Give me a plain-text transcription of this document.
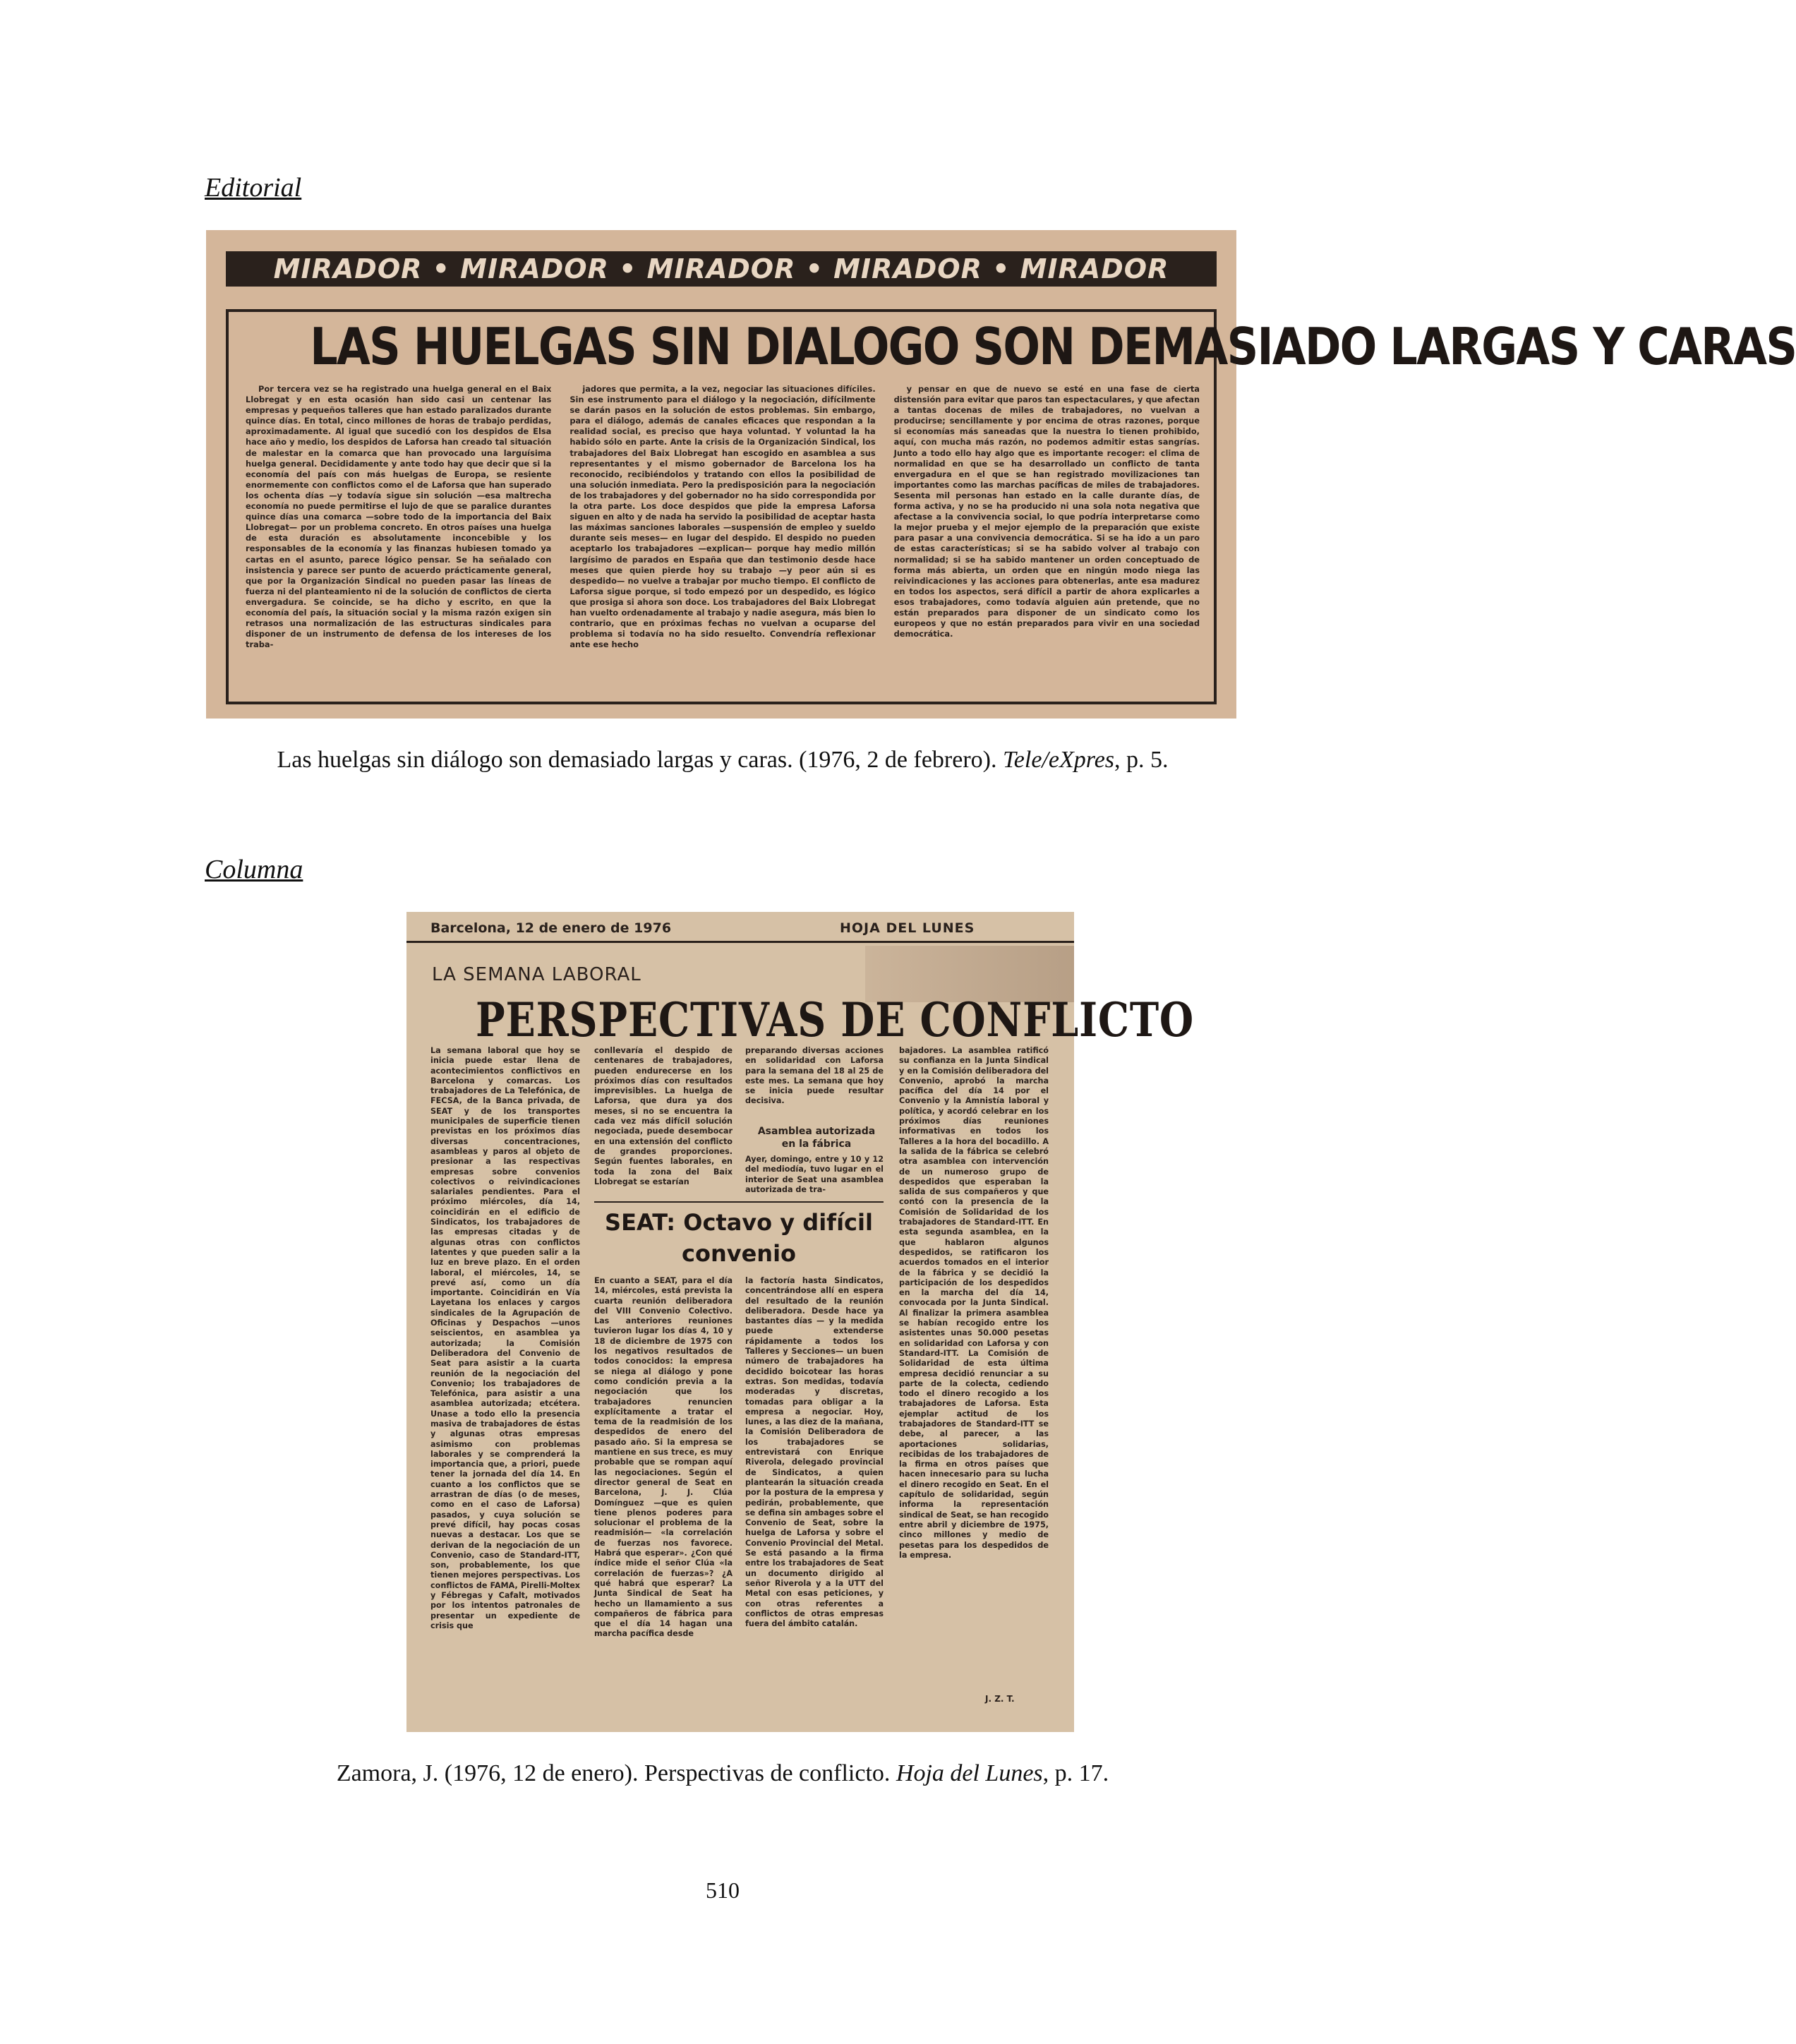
Editorial
MIRADOR • MIRADOR • MIRADOR • MIRADOR • MIRADOR
LAS HUELGAS SIN DIALOGO SON DEMASIADO LARGAS Y CARAS

Por tercera vez se ha registrado una huelga general en el Baix Llobregat y en esta ocasión han sido casi un centenar las empresas y pequeños talleres que han estado paralizados durante quince días. En total, cinco millones de horas de trabajo perdidas, aproximadamente. Al igual que sucedió con los despidos de Elsa hace año y medio, los despidos de Laforsa han creado tal situación de malestar en la comarca que han provocado una larguísima huelga general. Decididamente y ante todo hay que decir que si la economía del país con más huelgas de Europa, se resiente enormemente con conflictos como el de Laforsa que han superado los ochenta días —y todavía sigue sin solución —esa maltrecha economía no puede permitirse el lujo de que se paralice durantes quince días una comarca —sobre todo de la importancia del Baix Llobregat— por un problema concreto. En otros países una huelga de esta duración es absolutamente inconcebible y los responsables de la economía y las finanzas hubiesen tomado ya cartas en el asunto, parece lógico pensar. Se ha señalado con insistencia y parece ser punto de acuerdo prácticamente general, que por la Organización Sindical no pueden pasar las líneas de fuerza ni del planteamiento ni de la solución de conflictos de cierta envergadura. Se coincide, se ha dicho y escrito, en que la economía del país, la situación social y la misma razón exigen sin retrasos una normalización de las estructuras sindicales para disponer de un instrumento de defensa de los intereses de los traba-

jadores que permita, a la vez, negociar las situaciones difíciles. Sin ese instrumento para el diálogo y la negociación, difícilmente se darán pasos en la solución de estos problemas. Sin embargo, para el diálogo, además de canales eficaces que respondan a la realidad social, es preciso que haya voluntad. Y voluntad la ha habido sólo en parte. Ante la crisis de la Organización Sindical, los trabajadores del Baix Llobregat han escogido en asamblea a sus representantes y el mismo gobernador de Barcelona los ha reconocido, recibiéndolos y tratando con ellos la posibilidad de una solución inmediata. Pero la predisposición para la negociación de los trabajadores y del gobernador no ha sido correspondida por la otra parte. Los doce despidos que pide la empresa Laforsa siguen en alto y de nada ha servido la posibilidad de aceptar hasta las máximas sanciones laborales —suspensión de empleo y sueldo durante seis meses— en lugar del despido. El despido no pueden aceptarlo los trabajadores —explican— porque hay medio millón largísimo de parados en España que dan testimonio desde hace meses que quien pierde hoy su trabajo —y peor aún si es despedido— no vuelve a trabajar por mucho tiempo. El conflicto de Laforsa sigue porque, si todo empezó por un despedido, es lógico que prosiga si ahora son doce. Los trabajadores del Baix Llobregat han vuelto ordenadamente al trabajo y nadie asegura, más bien lo contrario, que en próximas fechas no vuelvan a ocuparse del problema si todavía no ha sido resuelto. Convendría reflexionar ante ese hecho

y pensar en que de nuevo se esté en una fase de cierta distensión para evitar que paros tan espectaculares, y que afectan a tantas docenas de miles de trabajadores, no vuelvan a producirse; sencillamente y por encima de otras razones, porque si economías más saneadas que la nuestra lo tienen prohibido, aquí, con mucha más razón, no podemos admitir estas sangrías. Junto a todo ello hay algo que es importante recoger: el clima de normalidad en que se ha desarrollado un conflicto de tanta envergadura en el que se han registrado movilizaciones tan importantes como las marchas pacíficas de miles de trabajadores. Sesenta mil personas han estado en la calle durante días, de forma activa, y no se ha producido ni una sola nota negativa que afectase a la convivencia social, lo que podría interpretarse como la mejor prueba y el mejor ejemplo de la preparación que existe para pasar a una convivencia democrática. Si se ha ido a un paro de estas características; si se ha sabido volver al trabajo con normalidad; si se ha sabido mantener un orden conceptuado de forma más abierta, un orden que en ningún modo niega las reivindicaciones y las acciones para obtenerlas, ante esa madurez en todos los aspectos, será difícil a partir de ahora explicarles a esos trabajadores, como todavía alguien aún pretende, que no están preparados para disponer de un sindicato como los europeos y que no están preparados para vivir en una sociedad democrática.

Las huelgas sin diálogo son demasiado largas y caras. (1976, 2 de febrero). Tele/eXpres, p. 5.

Columna
Barcelona, 12 de enero de 1976	HOJA DEL LUNES
LA SEMANA LABORAL
PERSPECTIVAS DE CONFLICTO

La semana laboral que hoy se inicia puede estar llena de acontecimientos conflictivos en Barcelona y comarcas. Los trabajadores de La Telefónica, de FECSA, de la Banca privada, de SEAT y de los transportes municipales de superficie tienen previstas en los próximos días diversas concentraciones, asambleas y paros al objeto de presionar a las respectivas empresas sobre convenios colectivos o reivindicaciones salariales pendientes. Para el próximo miércoles, día 14, coincidirán en el edificio de Sindicatos, los trabajadores de las empresas citadas y de algunas otras con conflictos latentes y que pueden salir a la luz en breve plazo. En el orden laboral, el miércoles, 14, se prevé así, como un día importante. Coincidirán en Vía Layetana los enlaces y cargos sindicales de la Agrupación de Oficinas y Despachos —unos seiscientos, en asamblea ya autorizada; la Comisión Deliberadora del Convenio de Seat para asistir a la cuarta reunión de la negociación del Convenio; los trabajadores de Telefónica, para asistir a una asamblea autorizada; etcétera. Unase a todo ello la presencia masiva de trabajadores de éstas y algunas otras empresas asimismo con problemas laborales y se comprenderá la importancia que, a priori, puede tener la jornada del día 14. En cuanto a los conflictos que se arrastran de días (o de meses, como en el caso de Laforsa) pasados, y cuya solución se prevé difícil, hay pocas cosas nuevas a destacar. Los que se derivan de la negociación de un Convenio, caso de Standard-ITT, son, probablemente, los que tienen mejores perspectivas. Los conflictos de FAMA, Pirelli-Moltex y Fébregas y Cafalt, motivados por los intentos patronales de presentar un expediente de crisis que

conllevaría el despido de centenares de trabajadores, pueden endurecerse en los próximos días con resultados imprevisibles. La huelga de Laforsa, que dura ya dos meses, si no se encuentra la cada vez más difícil solución negociada, puede desembocar en una extensión del conflicto de grandes proporciones. Según fuentes laborales, en toda la zona del Baix Llobregat se estarían

preparando diversas acciones en solidaridad con Laforsa para la semana del 18 al 25 de este mes. La semana que hoy se inicia puede resultar decisiva.

Asamblea autorizada en la fábrica

Ayer, domingo, entre y 10 y 12 del mediodía, tuvo lugar en el interior de Seat una asamblea autorizada de tra-

SEAT: Octavo y difícil convenio

En cuanto a SEAT, para el día 14, miércoles, está prevista la cuarta reunión deliberadora del VIII Convenio Colectivo. Las anteriores reuniones tuvieron lugar los días 4, 10 y 18 de diciembre de 1975 con los negativos resultados de todos conocidos: la empresa se niega al diálogo y pone como condición previa a la negociación que los trabajadores renuncien explícitamente a tratar el tema de la readmisión de los despedidos de enero del pasado año. Si la empresa se mantiene en sus trece, es muy probable que se rompan aquí las negociaciones. Según el director general de Seat en Barcelona, J. J. Clúa Domínguez —que es quien tiene plenos poderes para solucionar el problema de la readmisión— «la correlación de fuerzas nos favorece. Habrá que esperar». ¿Con qué índice mide el señor Clúa «la correlación de fuerzas»? ¿A qué habrá que esperar? La Junta Sindical de Seat ha hecho un llamamiento a sus compañeros de fábrica para que el día 14 hagan una marcha pacífica desde

la factoría hasta Sindicatos, concentrándose allí en espera del resultado de la reunión deliberadora. Desde hace ya bastantes días — y la medida puede extenderse rápidamente a todos los Talleres y Secciones— un buen número de trabajadores ha decidido boicotear las horas extras. Son medidas, todavía moderadas y discretas, tomadas para obligar a la empresa a negociar. Hoy, lunes, a las diez de la mañana, la Comisión Deliberadora de los trabajadores se entrevistará con Enrique Riverola, delegado provincial de Sindicatos, a quien plantearán la situación creada por la postura de la empresa y pedirán, probablemente, que se defina sin ambages sobre el Convenio de Seat, sobre la huelga de Laforsa y sobre el Convenio Provincial del Metal. Se está pasando a la firma entre los trabajadores de Seat un documento dirigido al señor Riverola y a la UTT del Metal con esas peticiones, y con otras referentes a conflictos de otras empresas fuera del ámbito catalán.

bajadores. La asamblea ratificó su confianza en la Junta Sindical y en la Comisión deliberadora del Convenio, aprobó la marcha pacífica del día 14 por el Convenio y la Amnistía laboral y política, y acordó celebrar en los próximos días reuniones informativas en todos los Talleres a la hora del bocadillo. A la salida de la fábrica se celebró otra asamblea con intervención de un numeroso grupo de despedidos que esperaban la salida de sus compañeros y que contó con la presencia de la Comisión de Solidaridad de los trabajadores de Standard-ITT. En esta segunda asamblea, en la que hablaron algunos despedidos, se ratificaron los acuerdos tomados en el interior de la fábrica y se decidió la participación de los despedidos en la marcha del día 14, convocada por la Junta Sindical. Al finalizar la primera asamblea se habían recogido entre los asistentes unas 50.000 pesetas en solidaridad con Laforsa y con Standard-ITT. La Comisión de Solidaridad de esta última empresa decidió renunciar a su parte de la colecta, cediendo todo el dinero recogido a los trabajadores de Laforsa. Esta ejemplar actitud de los trabajadores de Standard-ITT se debe, al parecer, a las aportaciones solidarias, recibidas de los trabajadores de la firma en otros países que hacen innecesario para su lucha el dinero recogido en Seat. En el capítulo de solidaridad, según informa la representación sindical de Seat, se han recogido entre abril y diciembre de 1975, cinco millones y medio de pesetas para los despedidos de la empresa.

J. Z. T.

Zamora, J. (1976, 12 de enero). Perspectivas de conflicto. Hoja del Lunes, p. 17.

510
